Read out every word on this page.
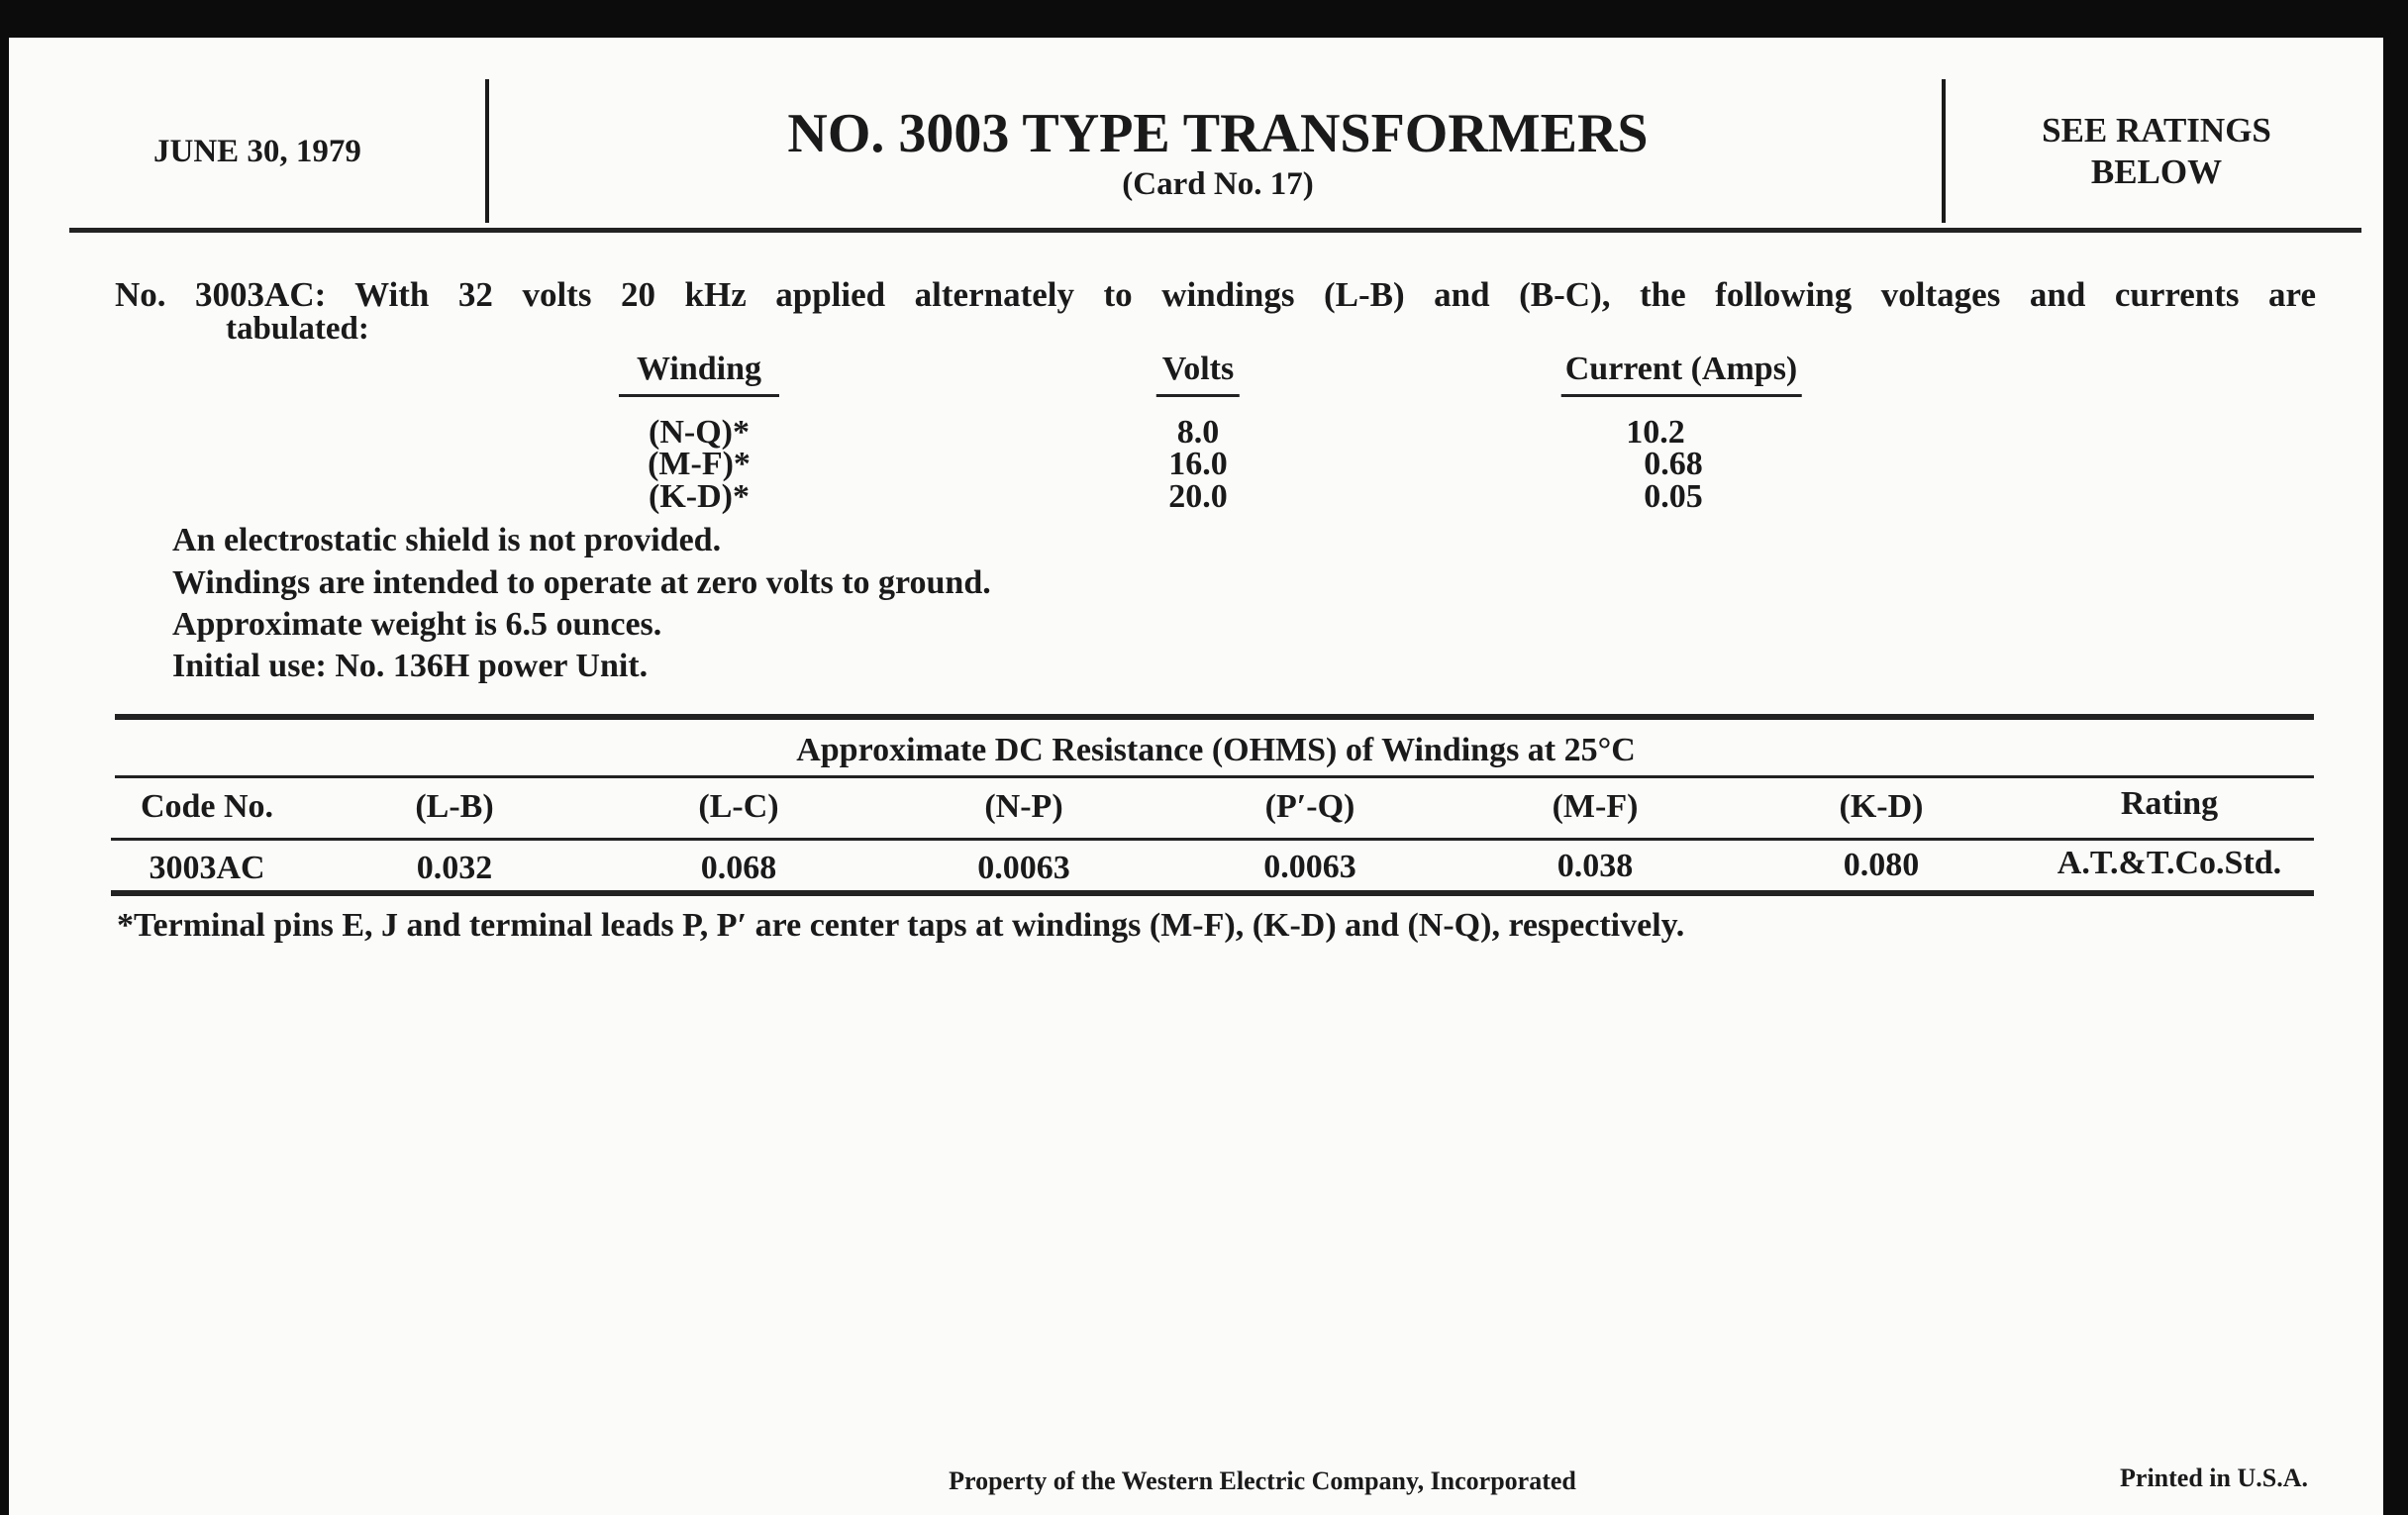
JUNE 30, 1979	NO. 3003 TYPE TRANSFORMERS
(Card No. 17)
SEE RATINGS
BELOW
No. 3003AC: With 32 volts 20 kHz applied alternately to windings (L-B) and (B-C), the following voltages and currents are
tabulated:
Winding	Volts	Current (Amps)
(N-Q)*	8.0	10.2
(M-F)*	16.0	0.68
(K-D)*	20.0	0.05
An electrostatic shield is not provided.
Windings are intended to operate at zero volts to ground.
Approximate weight is 6.5 ounces.
Initial use: No. 136H power Unit.
Approximate DC Resistance (OHMS) of Windings at 25°C
Code No.	(L-B)	(L-C)	(N-P)	(P′-Q)	(M-F)	(K-D)	Rating
3003AC	0.032	0.068	0.0063	0.0063	0.038	0.080	A.T.&T.Co.Std.
*Terminal pins E, J and terminal leads P, P′ are center taps at windings (M-F), (K-D) and (N-Q), respectively.
Property of the Western Electric Company, Incorporated	Printed in U.S.A.
